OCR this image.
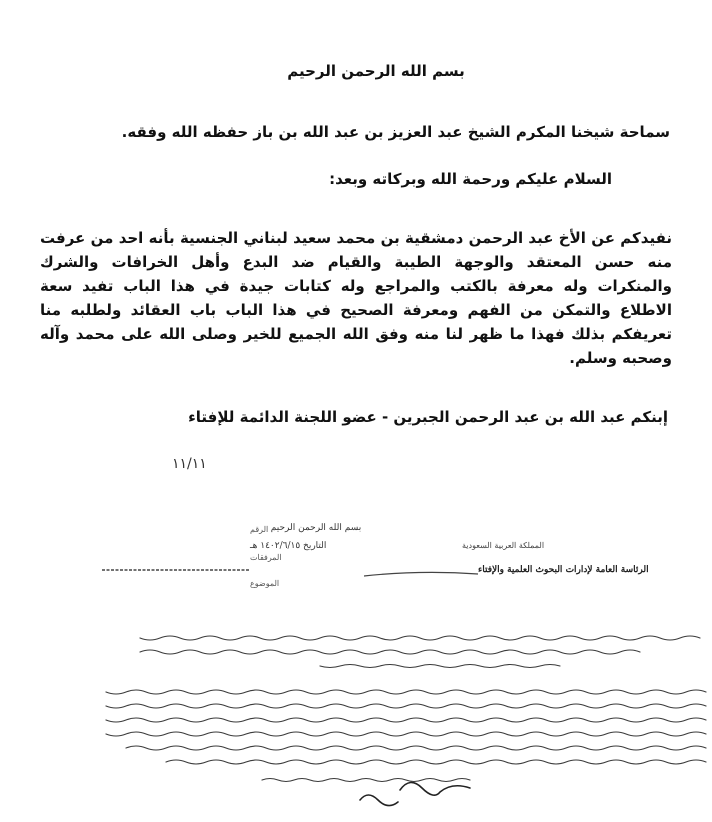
بسم الله الرحمن الرحيم
سماحة شيخنا المكرم الشيخ عبد العزيز بن عبد الله بن باز حفظه الله وفقه.
السلام عليكم ورحمة الله وبركاته وبعد:
نفيدكم عن الأخ عبد الرحمن دمشقية بن محمد سعيد لبناني الجنسية بأنه احد من عرفت منه حسن المعتقد والوجهة الطيبة والقيام ضد البدع وأهل الخرافات والشرك والمنكرات وله معرفة بالكتب والمراجع وله كتابات جيدة في هذا الباب تفيد سعة الاطلاع والتمكن من الفهم ومعرفة الصحيح في هذا الباب باب العقائد ولطلبه منا تعريفكم بذلك فهذا ما ظهر لنا منه وفق الله الجميع للخير وصلى الله على محمد وآله وصحبه وسلم.
إبنكم عبد الله بن عبد الرحمن الجبرين - عضو اللجنة الدائمة للإفتاء
١١/١١
الرقم
التاريخ ١٤٠٢/٦/١٥ هـ
المرفقات
الموضوع
بسم الله الرحمن الرحيم
المملكة العربية السعودية
الرئاسة العامة لإدارات البحوث العلمية والإفتاء
